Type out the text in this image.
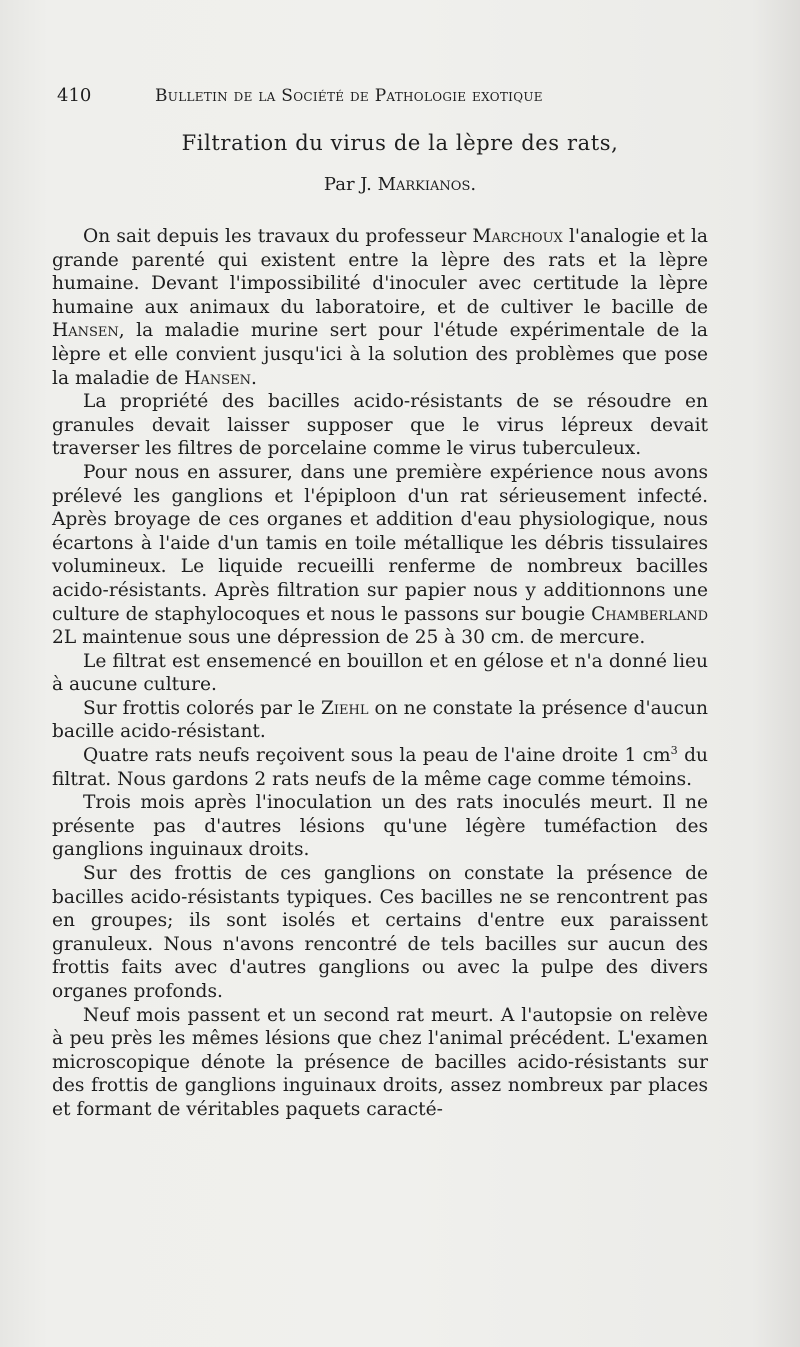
410	Bulletin de la Société de Pathologie exotique
Filtration du virus de la lèpre des rats,
Par J. Markianos.

On sait depuis les travaux du professeur Marchoux l'analogie et la grande parenté qui existent entre la lèpre des rats et la lèpre humaine. Devant l'impossibilité d'inoculer avec certitude la lèpre humaine aux animaux du laboratoire, et de cultiver le bacille de Hansen, la maladie murine sert pour l'étude expérimentale de la lèpre et elle convient jusqu'ici à la solution des problèmes que pose la maladie de Hansen.

La propriété des bacilles acido-résistants de se résoudre en granules devait laisser supposer que le virus lépreux devait traverser les filtres de porcelaine comme le virus tuberculeux.

Pour nous en assurer, dans une première expérience nous avons prélevé les ganglions et l'épiploon d'un rat sérieusement infecté. Après broyage de ces organes et addition d'eau physiologique, nous écartons à l'aide d'un tamis en toile métallique les débris tissulaires volumineux. Le liquide recueilli renferme de nombreux bacilles acido-résistants. Après filtration sur papier nous y additionnons une culture de staphylocoques et nous le passons sur bougie Chamberland 2L maintenue sous une dépression de 25 à 30 cm. de mercure.

Le filtrat est ensemencé en bouillon et en gélose et n'a donné lieu à aucune culture.

Sur frottis colorés par le Ziehl on ne constate la présence d'aucun bacille acido-résistant.

Quatre rats neufs reçoivent sous la peau de l'aine droite 1 $cm^3$ du filtrat. Nous gardons 2 rats neufs de la même cage comme témoins.

Trois mois après l'inoculation un des rats inoculés meurt. Il ne présente pas d'autres lésions qu'une légère tuméfaction des ganglions inguinaux droits.

Sur des frottis de ces ganglions on constate la présence de bacilles acido-résistants typiques. Ces bacilles ne se rencontrent pas en groupes; ils sont isolés et certains d'entre eux paraissent granuleux. Nous n'avons rencontré de tels bacilles sur aucun des frottis faits avec d'autres ganglions ou avec la pulpe des divers organes profonds.

Neuf mois passent et un second rat meurt. A l'autopsie on relève à peu près les mêmes lésions que chez l'animal précédent. L'examen microscopique dénote la présence de bacilles acido-résistants sur des frottis de ganglions inguinaux droits, assez nombreux par places et formant de véritables paquets caracté-
